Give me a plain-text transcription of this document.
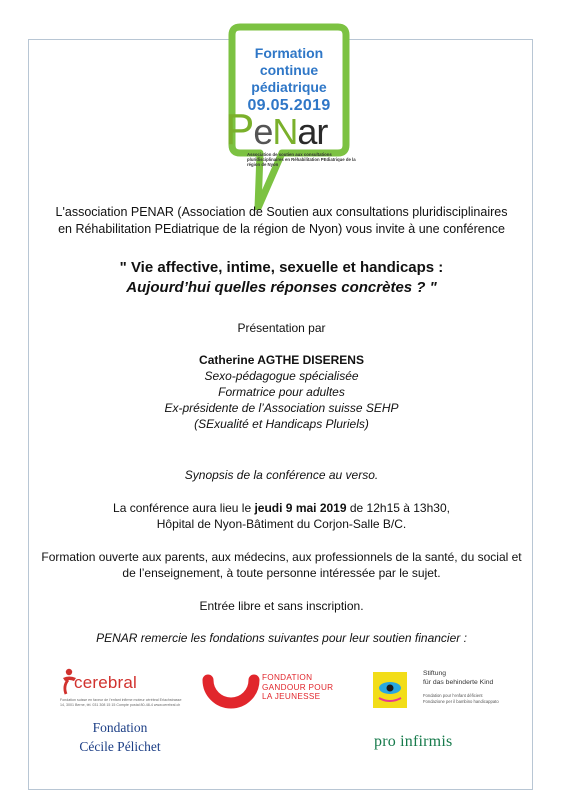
Formation
continue
pédiatrique
09.05.2019
PeNar
Association de soutien aux consultations pluridisciplinaires en Réhabilitation PEdiatrique de la région de Nyon
L'association PENAR (Association de Soutien aux consultations pluridisciplinaires
en Réhabilitation PEdiatrique de la région de Nyon) vous invite à une conférence
" Vie affective, intime, sexuelle et handicaps :
Aujourd’hui quelles réponses concrètes ? "
Présentation par
Catherine AGTHE DISERENS
Sexo-pédagogue spécialisée
Formatrice pour adultes
Ex-présidente de l’Association suisse SEHP
(SExualité et Handicaps Pluriels)
Synopsis de la conférence au verso.
La conférence aura lieu le jeudi 9 mai 2019 de 12h15 à 13h30,
Hôpital de Nyon-Bâtiment du Corjon-Salle B/C.
Formation ouverte aux parents, aux médecins, aux professionnels de la santé, du social et
de l’enseignement, à toute personne intéressée par le sujet.
Entrée libre et sans inscription.
PENAR remercie les fondations suivantes pour leur soutien financier :
cerebral
Fondation suisse en faveur de l’enfant infirme moteur cérébral Erlachstrasse 14, 3001 Berne, tél. 031 308 15 15 Compte postal 80-48-4 www.cerebral.ch
Fondation
Cécile Pélichet
FONDATION
GANDOUR POUR
LA JEUNESSE
Stiftung
für das behinderte Kind
Fondation pour l’enfant déficient
Fondazione per il bambino handicappato
pro infirmis
